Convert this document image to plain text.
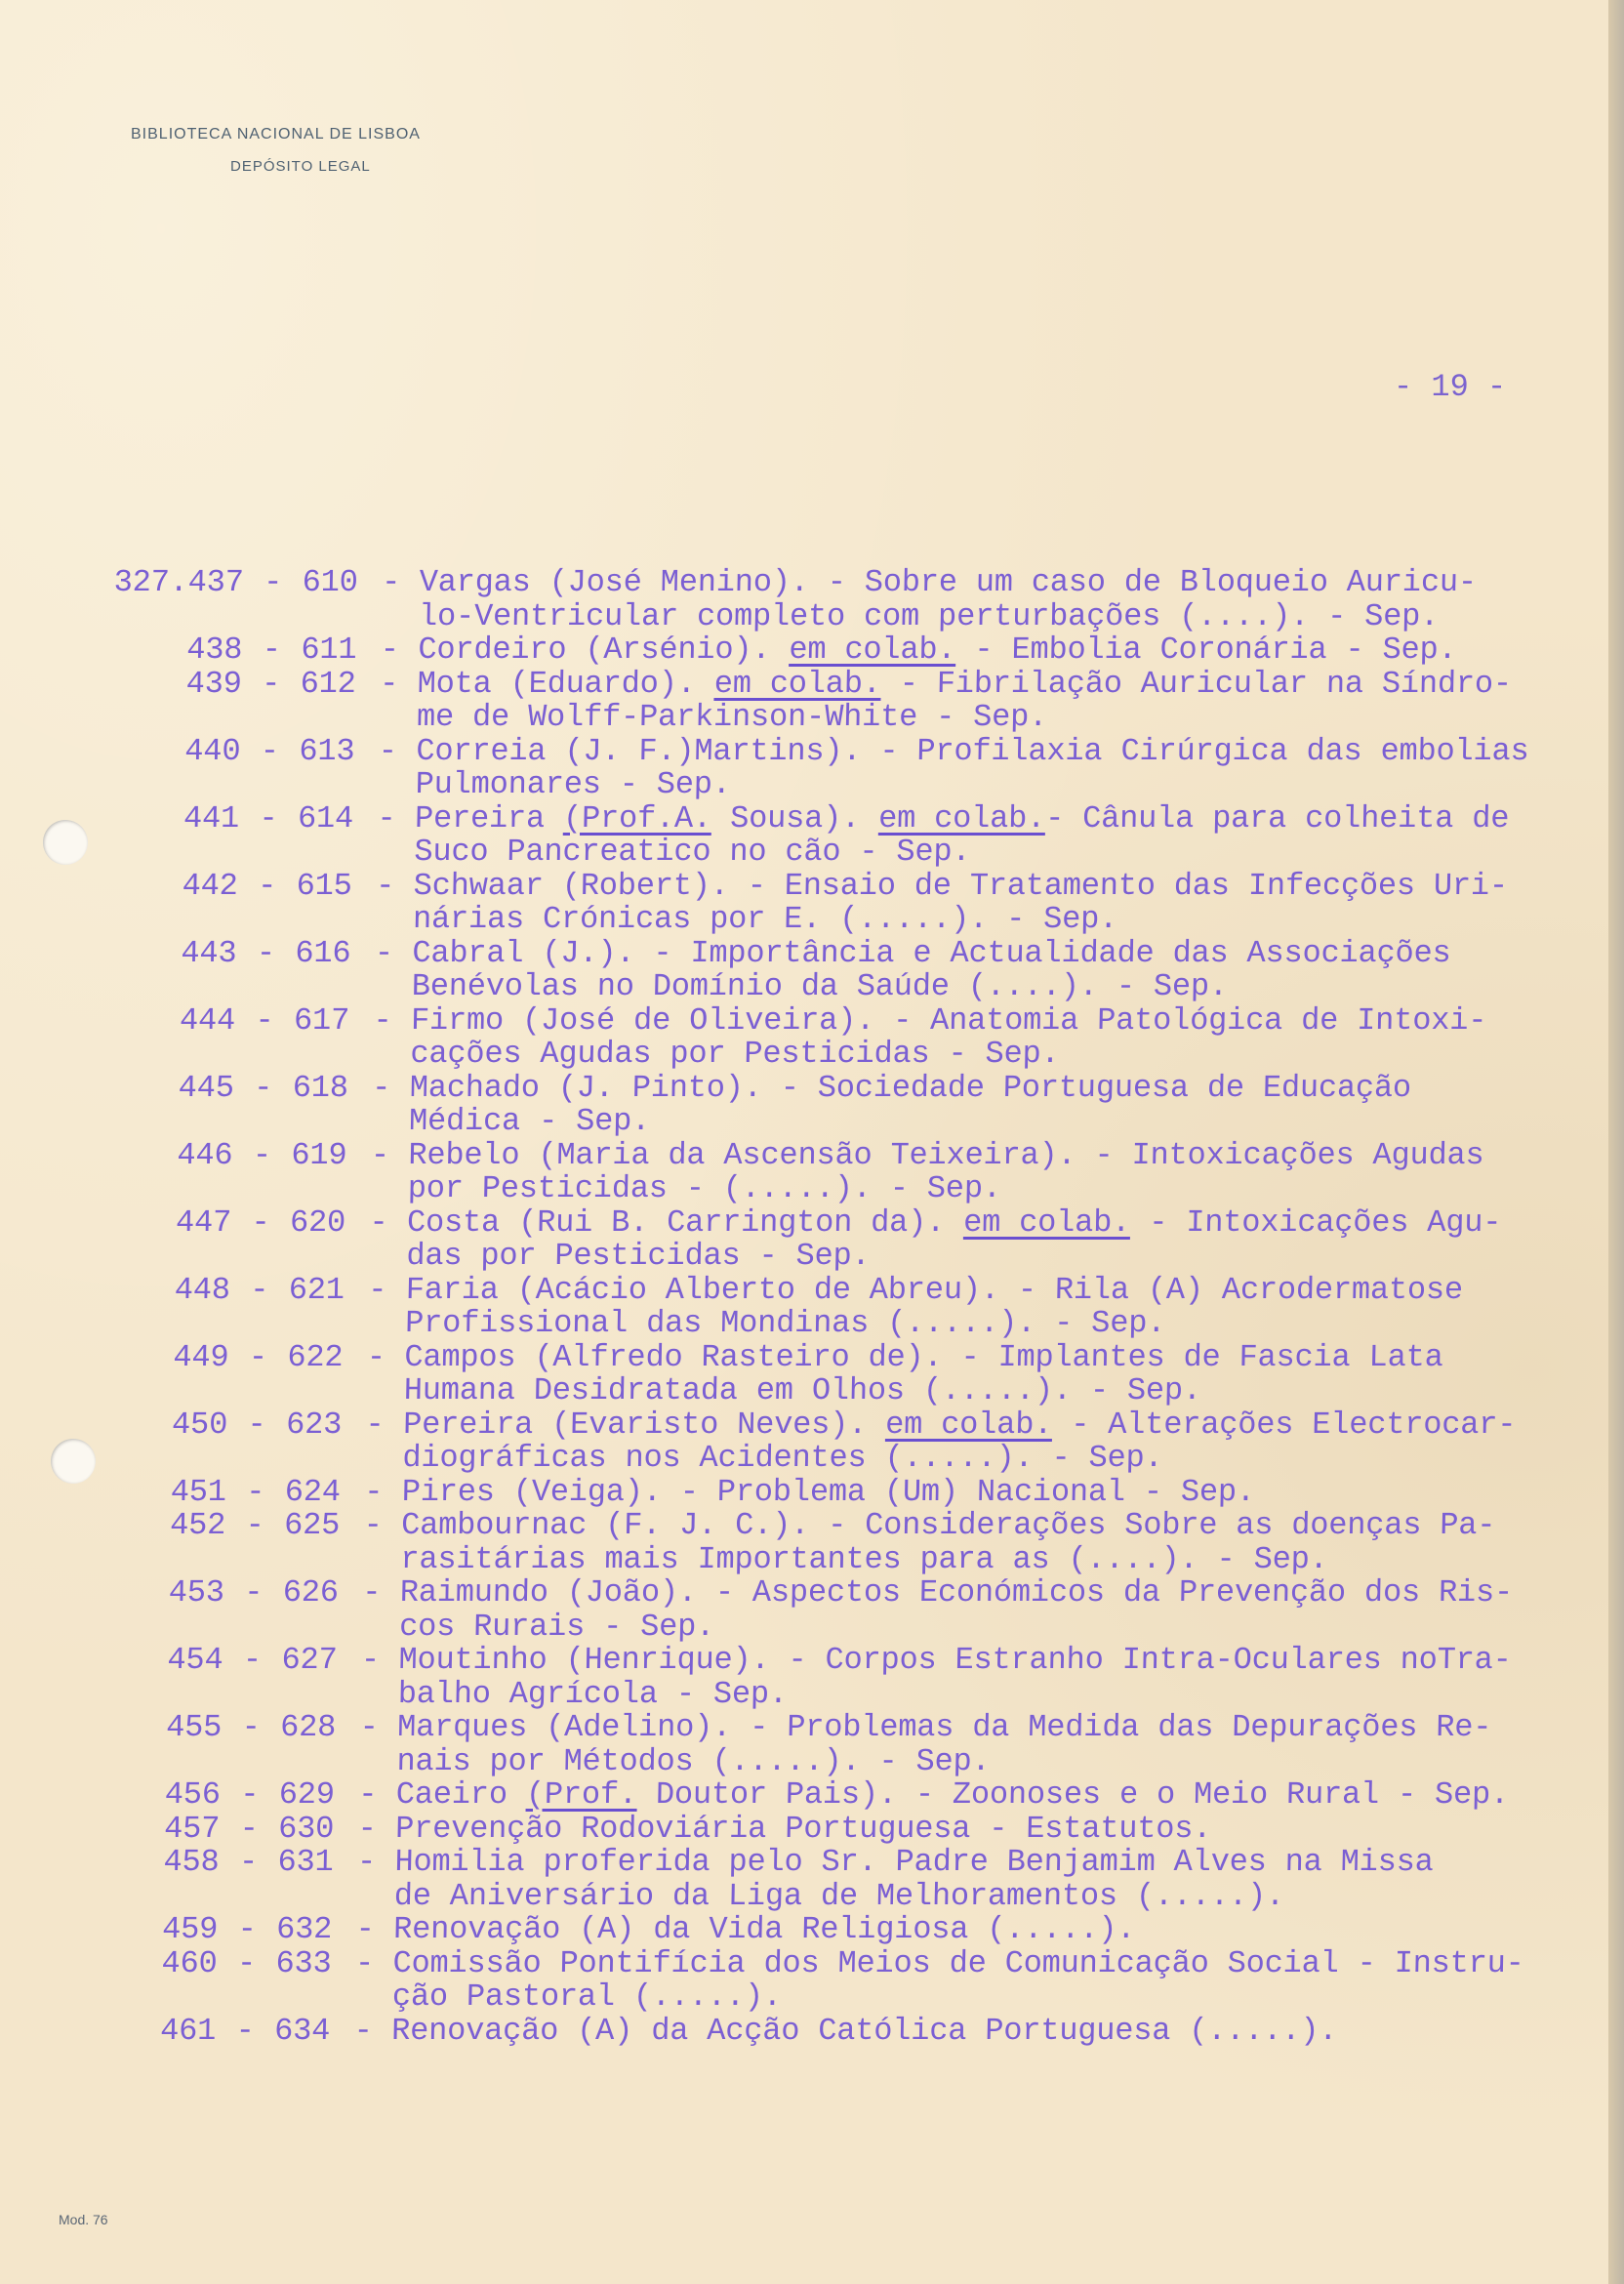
BIBLIOTECA NACIONAL DE LISBOA
DEPÓSITO LEGAL
- 19 -
327.437 - 610 - Vargas (José Menino). - Sobre um caso de Bloqueio Auricu-
lo-Ventricular completo com perturbações (....). - Sep.
438 - 611 - Cordeiro (Arsénio). em colab. - Embolia Coronária - Sep.
439 - 612 - Mota (Eduardo). em colab. - Fibrilação Auricular na Síndro-
me de Wolff-Parkinson-White - Sep.
440 - 613 - Correia (J. F.)Martins). - Profilaxia Cirúrgica das embolias
Pulmonares - Sep.
441 - 614 - Pereira (Prof.A. Sousa). em colab.- Cânula para colheita de
Suco Pancreatico no cão - Sep.
442 - 615 - Schwaar (Robert). - Ensaio de Tratamento das Infecções Uri-
nárias Crónicas por E. (.....). - Sep.
443 - 616 - Cabral (J.). - Importância e Actualidade das Associações
Benévolas no Domínio da Saúde (....). - Sep.
444 - 617 - Firmo (José de Oliveira). - Anatomia Patológica de Intoxi-
cações Agudas por Pesticidas - Sep.
445 - 618 - Machado (J. Pinto). - Sociedade Portuguesa de Educação
Médica - Sep.
446 - 619 - Rebelo (Maria da Ascensão Teixeira). - Intoxicações Agudas
por Pesticidas - (.....). - Sep.
447 - 620 - Costa (Rui B. Carrington da). em colab. - Intoxicações Agu-
das por Pesticidas - Sep.
448 - 621 - Faria (Acácio Alberto de Abreu). - Rila (A) Acrodermatose
Profissional das Mondinas (.....). - Sep.
449 - 622 - Campos (Alfredo Rasteiro de). - Implantes de Fascia Lata
Humana Desidratada em Olhos (.....). - Sep.
450 - 623 - Pereira (Evaristo Neves). em colab. - Alterações Electrocar-
diográficas nos Acidentes (.....). - Sep.
451 - 624 - Pires (Veiga). - Problema (Um) Nacional - Sep.
452 - 625 - Cambournac (F. J. C.). - Considerações Sobre as doenças Pa-
rasitárias mais Importantes para as (....). - Sep.
453 - 626 - Raimundo (João). - Aspectos Económicos da Prevenção dos Ris-
cos Rurais - Sep.
454 - 627 - Moutinho (Henrique). - Corpos Estranho Intra-Oculares noTra-
balho Agrícola - Sep.
455 - 628 - Marques (Adelino). - Problemas da Medida das Depurações Re-
nais por Métodos (.....). - Sep.
456 - 629 - Caeiro (Prof. Doutor Pais). - Zoonoses e o Meio Rural - Sep.
457 - 630 - Prevenção Rodoviária Portuguesa - Estatutos.
458 - 631 - Homilia proferida pelo Sr. Padre Benjamim Alves na Missa
de Aniversário da Liga de Melhoramentos (.....).
459 - 632 - Renovação (A) da Vida Religiosa (.....).
460 - 633 - Comissão Pontifícia dos Meios de Comunicação Social - Instru-
ção Pastoral (.....).
461 - 634 - Renovação (A) da Acção Católica Portuguesa (.....).
Mod. 76
